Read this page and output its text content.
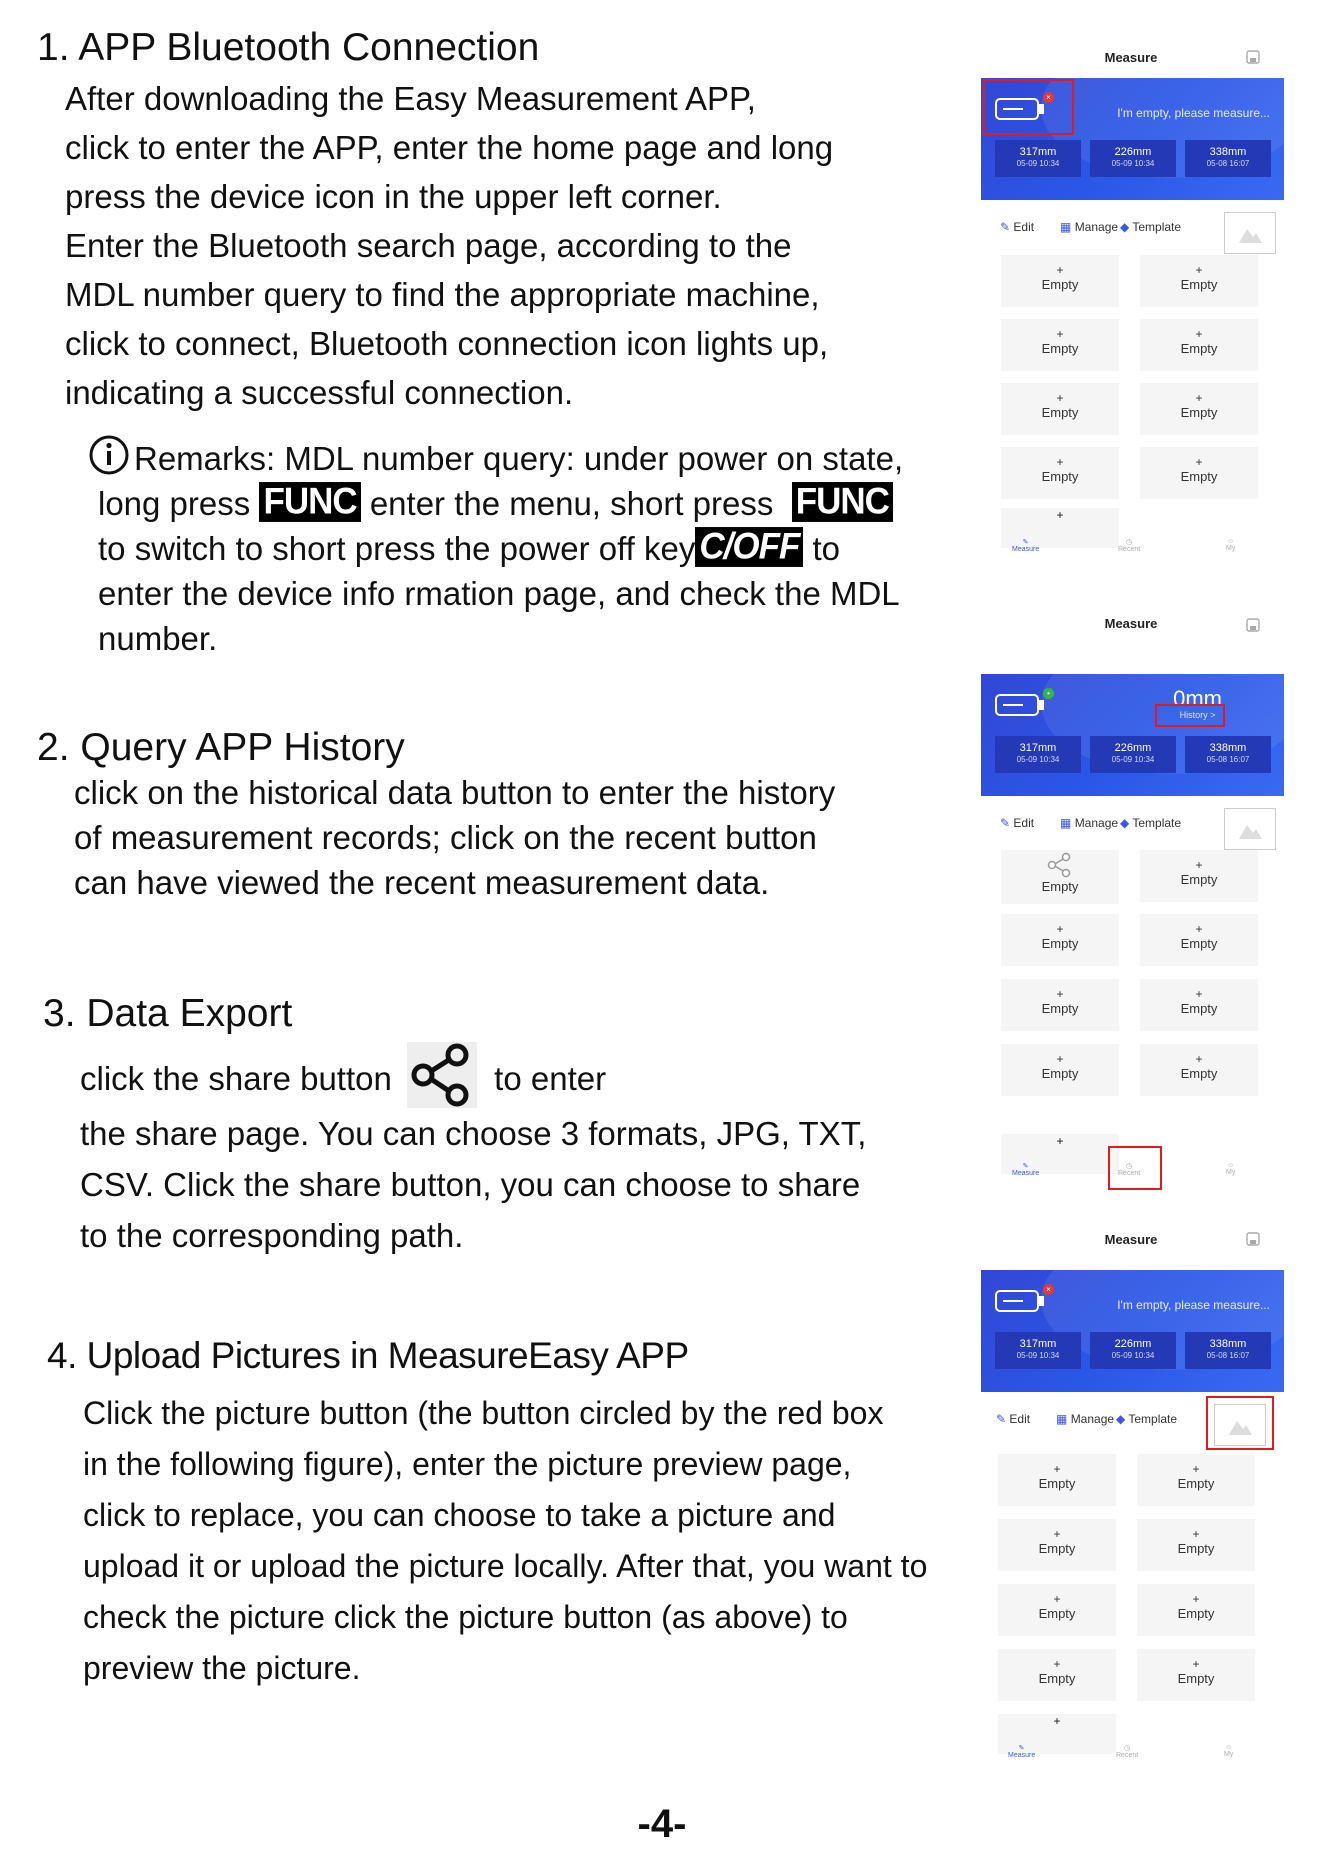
1. APP Bluetooth Connection
After downloading the Easy Measurement APP,
click to enter the APP, enter the home page and long
press the device icon in the upper left corner.
Enter the Bluetooth search page, according to the
MDL number query to find the appropriate machine,
click to connect, Bluetooth connection icon lights up,
indicating a successful connection.
Remarks: MDL number query: under power on state,
long press FUNC enter the menu, short press  FUNC
to switch to short press the power off key C/OFF to
enter the device info rmation page, and check the MDL
number.
2. Query APP History
click on the historical data button to enter the history
of measurement records; click on the recent button
can have viewed the recent measurement data.
3. Data Export
click the share button	to enter
the share page. You can choose 3 formats, JPG, TXT,
CSV. Click the share button, you can choose to share
to the corresponding path.
4. Upload Pictures in MeasureEasy APP
Click the picture button (the button circled by the red box
in the following figure), enter the picture preview page,
click to replace, you can choose to take a picture and
upload it or upload the picture locally. After that, you want to
check the picture click the picture button (as above) to
preview the picture.
-4-
Measure
×
I'm empty, please measure...
317mm
05-09 10:34
226mm
05-09 10:34
338mm
05-08 16:07
✎ Edit ▦ Manage ◆ Template
+
Empty
+
Empty
+
Empty
+
Empty
+
Empty
+
Empty
+
Empty
+
Empty
+
✎
Measure
◷
Recent
☺
My
Measure
•	0mm
History >
317mm
05-09 10:34
226mm
05-09 10:34
338mm
05-08 16:07
✎ Edit ▦ Manage ◆ Template
Empty
+
Empty
+
Empty
+
Empty
+
Empty
+
Empty
+
Empty
+
Empty
+
✎
Measure
◷
Recent
☺
My
Measure
×
I'm empty, please measure...
317mm
05-09 10:34
226mm
05-09 10:34
338mm
05-08 16:07
✎ Edit ▦ Manage ◆ Template
+
Empty
+
Empty
+
Empty
+
Empty
+
Empty
+
Empty
+
Empty
+
Empty
+
✎
Measure
◷
Recent
☺
My
